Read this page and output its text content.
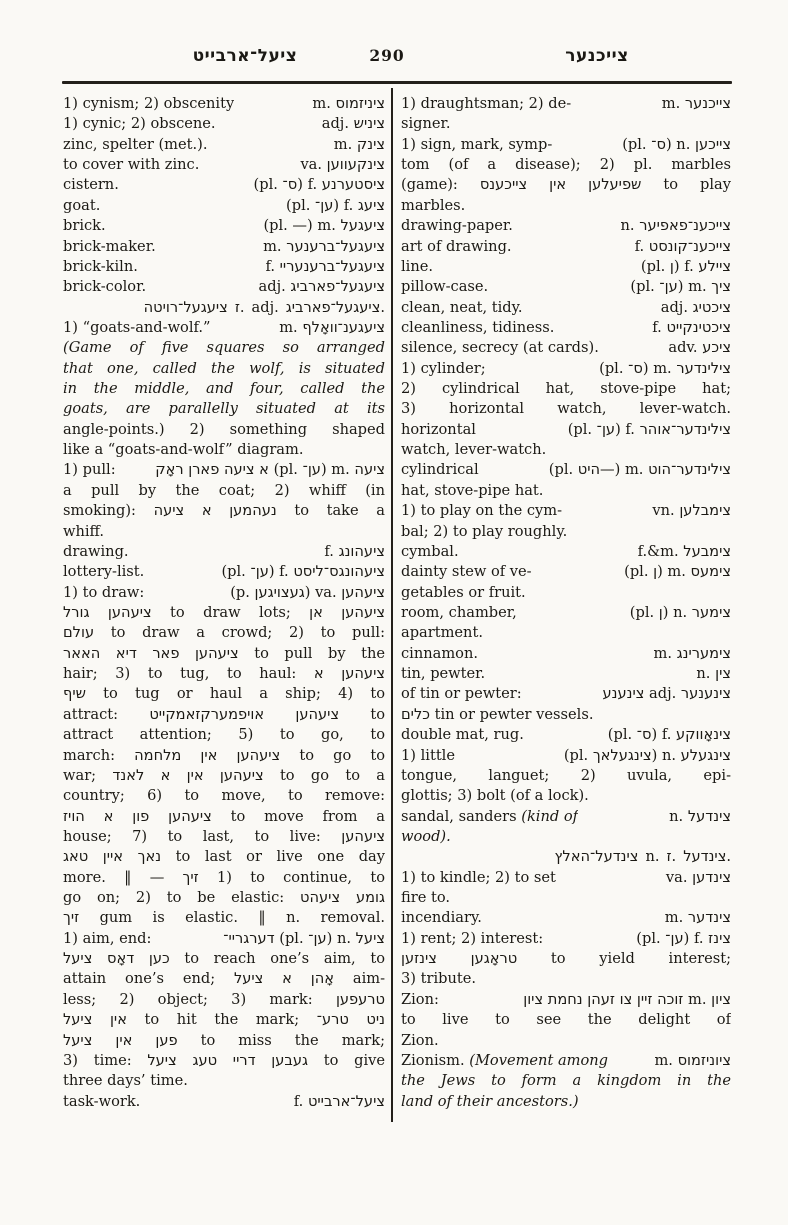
ציעל־ארבייט	290	צייכנער
1) cynism; 2) obscenity	m. ציניזמוס
1) cynic; 2) obscene.	adj. ציניש
zinc, spelter (met.).	m. צינק
to cover with zinc.	va. צינקעווען
cistern.	(pl. ס־) f. ציסטערנע
goat.	(pl. ען־) f. ציעג
brick.	(pl. —) m. ציעגעל
brick-maker.	m. ציעגעל־ברענער
brick-kiln.	f. ציעגעל־ברענעריי
brick-color.	adj. ציעגעל־פארביג
ציעגעל־רויטה ז. adj. ציעגעל־פארביג.
1) “goats-and-wolf.”	m. ציעגענ־וואָלף
(Game of five squares so arranged
that one, called the wolf, is situated
in the middle, and four, called the
goats, are parallelly situated at its
angle-points.) 2) something shaped
like a “goats-and-wolf” diagram.
1) pull:	א ציעה פארן ראָק‎ (pl. ען־) m. ציעה
a pull by the coat; 2) whiff (in
smoking): נעהמען א ציעה to take a
whiff.
drawing.	f. ציעהונג
lottery-list.	(pl. ען־) f. ציעהונגס־ליסט
1) to draw:	(p. געצויגען) va. ציעהען
ציעהען גורל to draw lots; ציעהען אן
עולם to draw a crowd; 2) to pull:
ציעהען פאר דיא האאר to pull by the
hair; 3) to tug, to haul: ציעהען א
שיף to tug or haul a ship; 4) to
attract: ציעהען אויפמערקזאמקייט to
attract attention; 5) to go, to
march: ציעהען אין מלחמה to go to
war; ציעהען אין א לאנד to go to a
country; 6) to move, to remove:
ציעהען פון א הויז to move from a
house; 7) to last, to live: ציעהען
נאך איין טאג to last or live one day
more. ‖ — זיך‎ 1) to continue, to
go on; 2) to be elastic: גומע ציעהט
זיך gum is elastic. ‖ n. removal.
1) aim, end:	דערגריי־ (pl. ען־) n. ציעל
כען דאָס ציעל to reach one’s aim, to
attain one’s end; אָהן א ציעל aim-
less; 2) object; 3) mark: טרעפען
אין ציעל to hit the mark; ניט טרע־
פען אין ציעל to miss the mark;
3) time: געבען דריי טעג ציעל to give
three days’ time.
task-work.	f. ציעל־ארבייט
1) draughtsman; 2) de-	m. צייכנער
signer.
1) sign, mark, symp-	(pl. ס־) n. צייכען
tom (of a disease); 2) pl. marbles
(game): שפיעלען אין צייכענס to play
marbles.
drawing-paper.	n. צייכענ־פאפיער
art of drawing.	f. צייכענ־קונסט
line.	(pl. ן) f. ציילע
pillow-case.	(pl. ען־) m. ציך
clean, neat, tidy.	adj. ציכטיג
cleanliness, tidiness.	f. ציכטינקייט
silence, secrecy (at cards).	adv. ציכע
1) cylinder;	(pl. ס־) m. צילינדער
2) cylindrical hat, stove-pipe hat;
3) horizontal watch, lever-watch.
horizontal	(pl. ען־) f. צילינדער־אוהר
watch, lever-watch.
cylindrical	(pl. היט—) m. צילינדער־הוט
hat, stove-pipe hat.
1) to play on the cym-	vn. צימבלען
bal; 2) to play roughly.
cymbal.	f.&m. צימבעל
dainty stew of ve-	(pl. ן) m. צימעס
getables or fruit.
room, chamber,	(pl. ן) n. צימער
apartment.
cinnamon.	m. צימערינג
tin, pewter.	n. צין
of tin or pewter:	צינענע‎ adj. צינענער
כלים tin or pewter vessels.
double mat, rug.	(pl. ס־) f. צינאָווקע
1) little	(pl. צינגעלאך) n. צינגעלע
tongue, languet; 2) uvula, epi-
glottis; 3) bolt (of a lock).
sandal, sanders (kind of	n. צינדעל
wood).
צינדעל־האלץ n. ז. צינדעל.
1) to kindle; 2) to set	va. צינדען
fire to.
incendiary.	m. צינדער
1) rent; 2) interest:	(pl. ען־) f. צינז
טראָגען צינזען to yield interest;
3) tribute.
Zion:	זוכה זיין צו זעהן נחמת ציון‎ m. ציון
to live to see the delight of
Zion.
Zionism. (Movement among	m. ציוניזמוס
the Jews to form a kingdom in the
land of their ancestors.)
